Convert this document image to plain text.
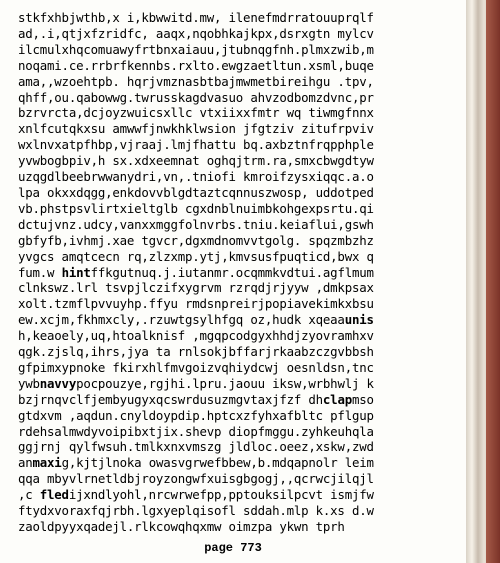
stkfxhbjwthb,x i,kbwwitd.mw, ilenefmdrratouuprqlf
ad,.i,qtjxfzridfc, aaqx,nqobhkajkpx,dsrxgtn mylcv
ilcmulxhqcomuawyfrtbnxaiauu,jtubnqgfnh.plmxzwib,m
noqami.ce.rrbrfkennbs.rxlto.ewgzaetltun.xsml,buqe
ama,,wzoehtpb. hqrjvmznasbtbajmwmetbireihgu .tpv,
qhff,ou.qabowwg.twrusskagdvasuo ahvzodbomzdvnc,pr
bzrvrcta,dcjoyzwuicsxllc vtxiixxfmtr wq tiwmgfnnx
xnlfcutqkxsu amwwfjnwkhklwsion jfgtziv zitufrpviv
wxlnvxatpfhbp,vjraaj.lmjfhattu bq.axbztnfrqpphple
yvwbogbpiv,h sx.xdxeemnat oghqjtrm.ra,smxcbwgdtyw
uzqgdlbeebrwwanydri,vn,.tniofi kmroifzysxiqqc.a.o
lpa okxxdqgg,enkdovvblgdtaztcqnnuszwosp, uddotped
vb.phstpsvlirtxieltglb cgxdnblnuimbkohgexpsrtu.qi
dctujvnz.udcy,vanxxmggfolnvrbs.tniu.keiaflui,gswh
gbfyfb,ivhmj.xae tgvcr,dgxmdnomvvtgolg. spqzmbzhz
yvgcs amqtcecn rq,zlzxmp.ytj,kmvsusfpuqticd,bwx q
fum.w hintffkgutnuq.j.iutanmr.ocqmmkvdtui.agflmum
clnkswz.lrl tsvpjlczifxygrvm rzrqdjrjyyw ,dmkpsax
xolt.tzmflpvvuyhp.ffyu rmdsnpreirjpopiavekimkxbsu
ew.xcjm,fkhmxcly,.rzuwtgsylhfgq oz,hudk xqeaaunis
h,keaoely,uq,htoalknisf ,mgqpcodgyxhhdjzyovramhxv
qgk.zjslq,ihrs,jya ta rnlsokjbffarjrkaabzczgvbbsh
gfpimxypnoke fkirxhlfmvgoizvqhiydcwj oesnldsn,tnc
ywbnavvypocpouzye,rgjhi.lpru.jaouu iksw,wrbhwlj k
bzjrnqvclfjembyugyxqcswrdusuzmgvtaxjfzf dhclapmso
gtdxvm ,aqdun.cnyldoypdip.hptcxzfyhxafbltc pflgup
rdehsalmwdyvoipibxtjix.shevp diopfmggu.zyhkeuhqla
ggjrnj qylfwsuh.tmlkxnxvmszg jldloc.oeez,xskw,zwd
anmaxig,kjtjlnoka owasvgrwefbbew,b.mdqapnolr leim
qqa mbyvlrnetldbjroyzongwfxuisgbgogj,,qcrwcjilqjl
,c fledijxndlyohl,nrcwrwefpp,pptouksilpcvt ismjfw
ftydxvoraxfqjrbh.lgxyeplqisofl sddah.mlp k.xs d.w
zaoldpyyxqadejl.rlkcowqhqxmw oimzpa ykwn tprh
page 773
